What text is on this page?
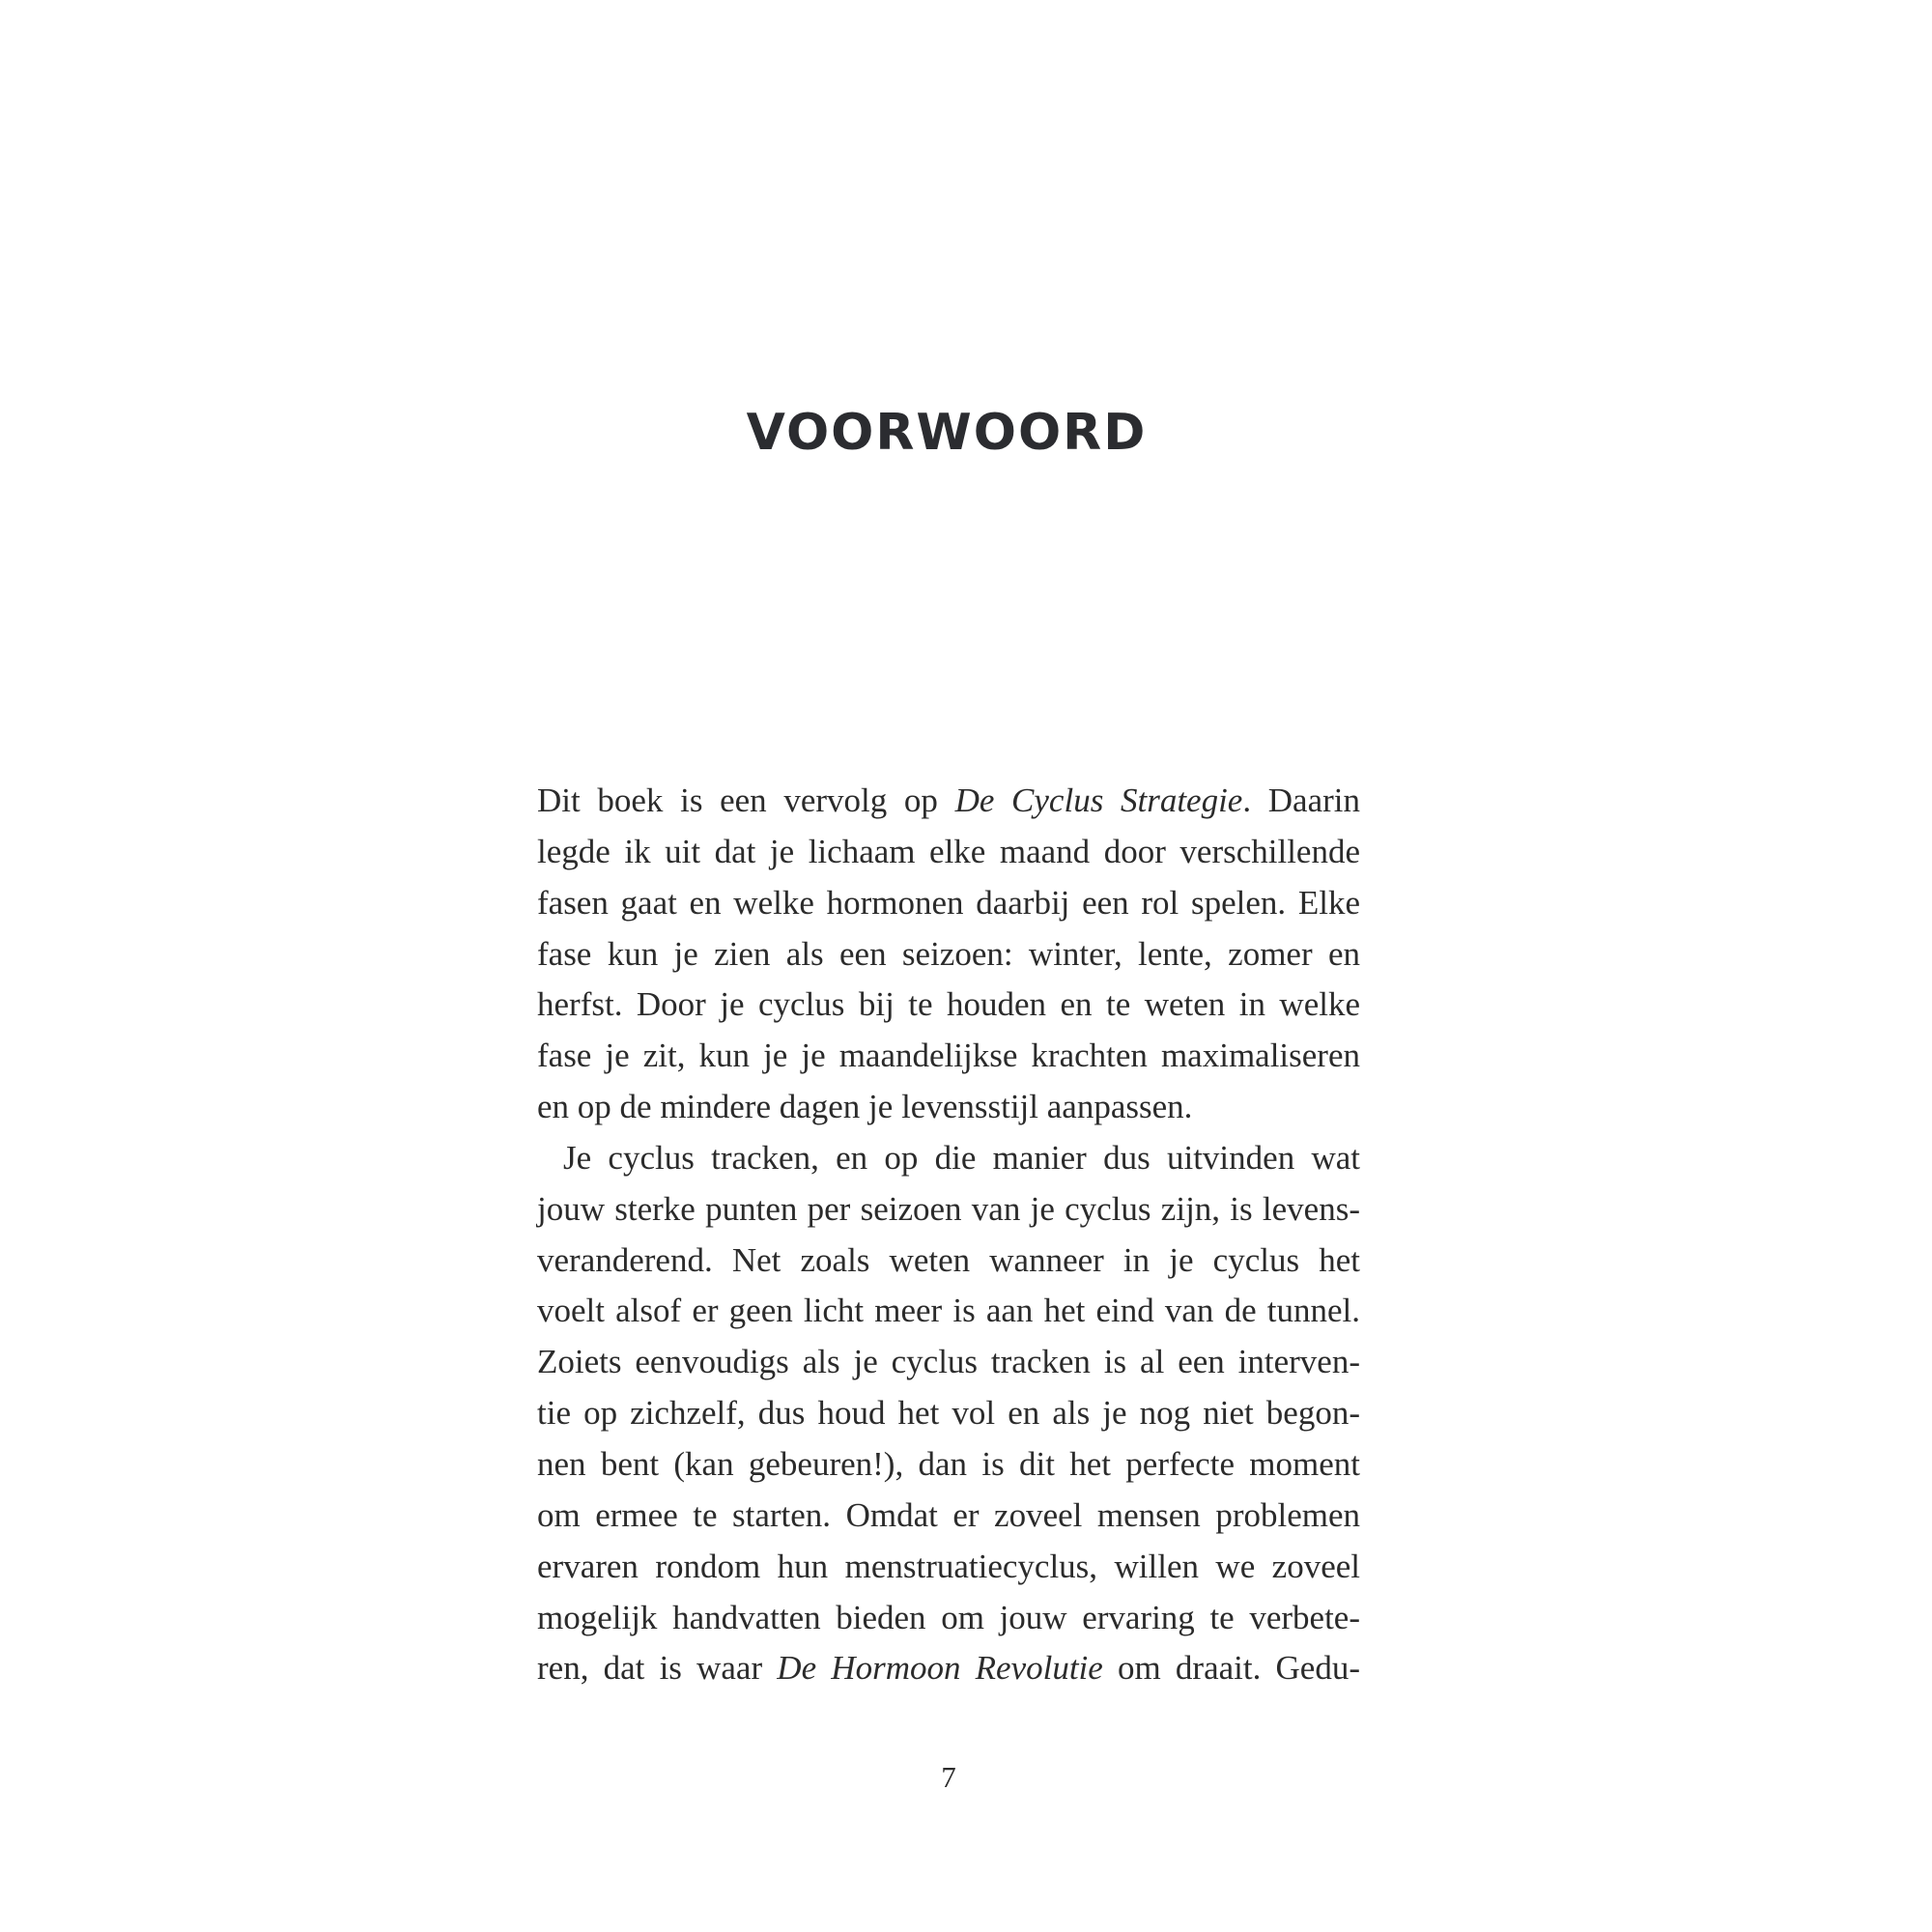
VOORWOORD
Dit boek is een vervolg op De Cyclus Strategie. Daarin
legde ik uit dat je lichaam elke maand door verschillende
fasen gaat en welke hormonen daarbij een rol spelen. Elke
fase kun je zien als een seizoen: winter, lente, zomer en
herfst. Door je cyclus bij te houden en te weten in welke
fase je zit, kun je je maandelijkse krachten maximaliseren
en op de mindere dagen je levensstijl aanpassen.
Je cyclus tracken, en op die manier dus uitvinden wat
jouw sterke punten per seizoen van je cyclus zijn, is levens-
veranderend. Net zoals weten wanneer in je cyclus het
voelt alsof er geen licht meer is aan het eind van de tunnel.
Zoiets eenvoudigs als je cyclus tracken is al een interven-
tie op zichzelf, dus houd het vol en als je nog niet begon-
nen bent (kan gebeuren!), dan is dit het perfecte moment
om ermee te starten. Omdat er zoveel mensen problemen
ervaren rondom hun menstruatiecyclus, willen we zoveel
mogelijk handvatten bieden om jouw ervaring te verbete-
ren, dat is waar De Hormoon Revolutie om draait. Gedu-
7
